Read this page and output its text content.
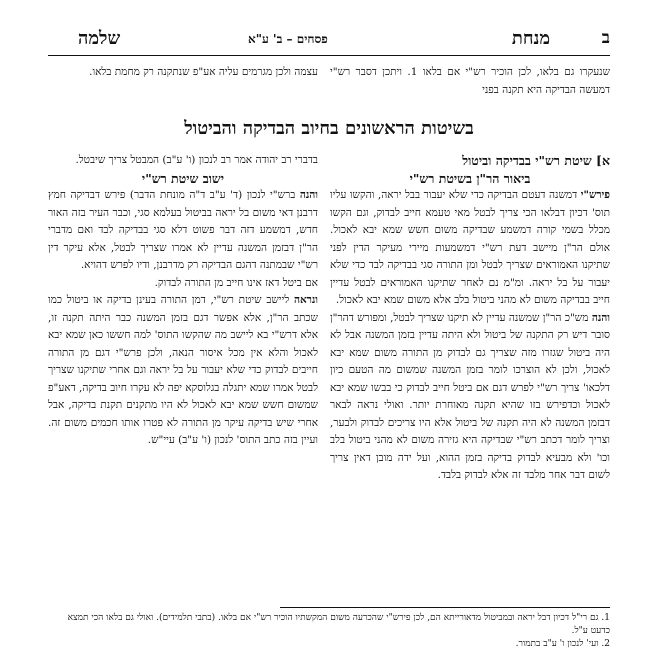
ב
מנחת
פסחים – ב' ע"א
שלמה

שנעקרו גם בלאו, לכן הוכיר רש"י אם בלאו 1. ויתכן דסבר רש"י דמעשה הבדיקה היא תקנה בפני

עצמה ולכן מגרמים עליה אע"פ שנתקנה רק מחמת בלאו.

בשיטות הראשונים בחיוב הבדיקה והביטול

א] שיטת רש"י בבדיקה וביטול

ביאור הר"ן בשיטת רש"י

פירש"י דמשנה דעטם הבדיקה כדי שלא יעבור בבל יראה, והקשו עליו תוס' דכיון דבלאו הכי צריך לבטל מאי טעמא חייב לבדוק, וגם הקשו מכלל בשמי קורה דמשמע שבדיקה משום חשש שמא יבא לאכול. אולם הר"ן מיישב דעת רש"י דמשמעות מיירי מעיקר הדין לפני שתיקנו האמוראים שצריך לבטל ומן התורה סגי בבדיקה לבד כדי שלא יעבור על בל יראה. ומ"מ נם לאחר שתיקנו האמוראים לבטל עדיין חייב בבדיקה משום לא מהני ביטול בלב אלא משום שמא יבא לאכול.

והנה מש"כ הר"ן שמשנה עדיין לא תיקנו שצריך לבטל, ומפורש דהר"ן סובר דיש רק התקנה של ביטול ולא היתה עדיין בזמן המשנה אבל לא היה ביטול שגזרו מזה שצריך גם לבדוק מן התורה משום שמא יבא לאכול, ולכן לא הוצרכו לומר בזמן המשנה שמשום מה הטעם כיון דלכאו' צריך רש"י לפרש דגם אם ביטל חייב לבדוק כי בבשו שמא יבא לאכול וכדפירש בזו שהיא תקנה מאוחרת יותר. ואולי נראה לבאר דבזמן המשנה לא היה תקנה של ביטול אלא היו צריכים לבדוק ולבער, וצריך לומר דכתב רש"י שבדיקה היא גזירה משום לא מהני ביטול בלב וכו' ולא מבעיא לבדוק בדיקה בזמן ההוא, ועל ידה מובן דאין צריך לשום דבר אחר מלבד זה אלא לבדוק בלבד.

בדברי רב יהודה אמר רב לנכון (ו' ע"ב) המבטל צריך שיבטל.

ישוב שיטת רש"י

והנה ברש"י לנכון (ד' ע"ב ד"ה מונחת הדבר) פירש דבדיקה חמץ דרבנן דאי משום בל יראה בביטול בעלמא סגי, וכבר העיר בזה האור חדש, דמשמע דזה דבר פשוט דלא סגי בבדיקה לבד ואם מדברי הר"ן דבזמן המשנה עדיין לא אמרו שצריך לבטל, אלא עיקר דין רש"י שבמתנה דהגם הבדיקה רק מדרבנן, ודיו לפרש דהויא.

אם ביטל דאז אינו חייב מן התורה לבדוק.

ונראה ליישב שיטת רש"י, דמן התורה בעינן בדיקה או ביטול כמו שכתב הר"ן, אלא אפשר דגם בזמן המשנה כבר היתה תקנה זו, אלא דרש"י בא ליישב מה שהקשו התוס' למה חששו כאן שמא יבא לאכול והלא אין מכל איסור הנאה, ולכן פרש"י דגם מן התורה חייבים לבדוק כדי שלא יעבור על בל יראה וגם אחרי שתיקנו שצריך לבטל אמרו שמא יתגלה בגלוסקא יפה לא עקרו חיוב בדיקה, דאע"פ שמשום חשש שמא יבא לאכול לא היו מתקנים תקנת בדיקה, אבל אחרי שיש בדיקה עיקר מן התורה לא פטרו אותו חכמים משום זה. ועיין בזה כתב התוס' לנכון (ו' ע"ב) עיי"ש.

1. גם רי"ל דכיון דבל יראה ובמביטול מדאורייתא הם, לכן פירש"י שהכרעה משום המקשתיו הוכיר רש"י אם בלאו. (בתבי תלמידים). ואולי גם בלאו הכי תמצא כדעט ע"ל.

2. ועי' לנכון ו' ע"ב בתמור.
